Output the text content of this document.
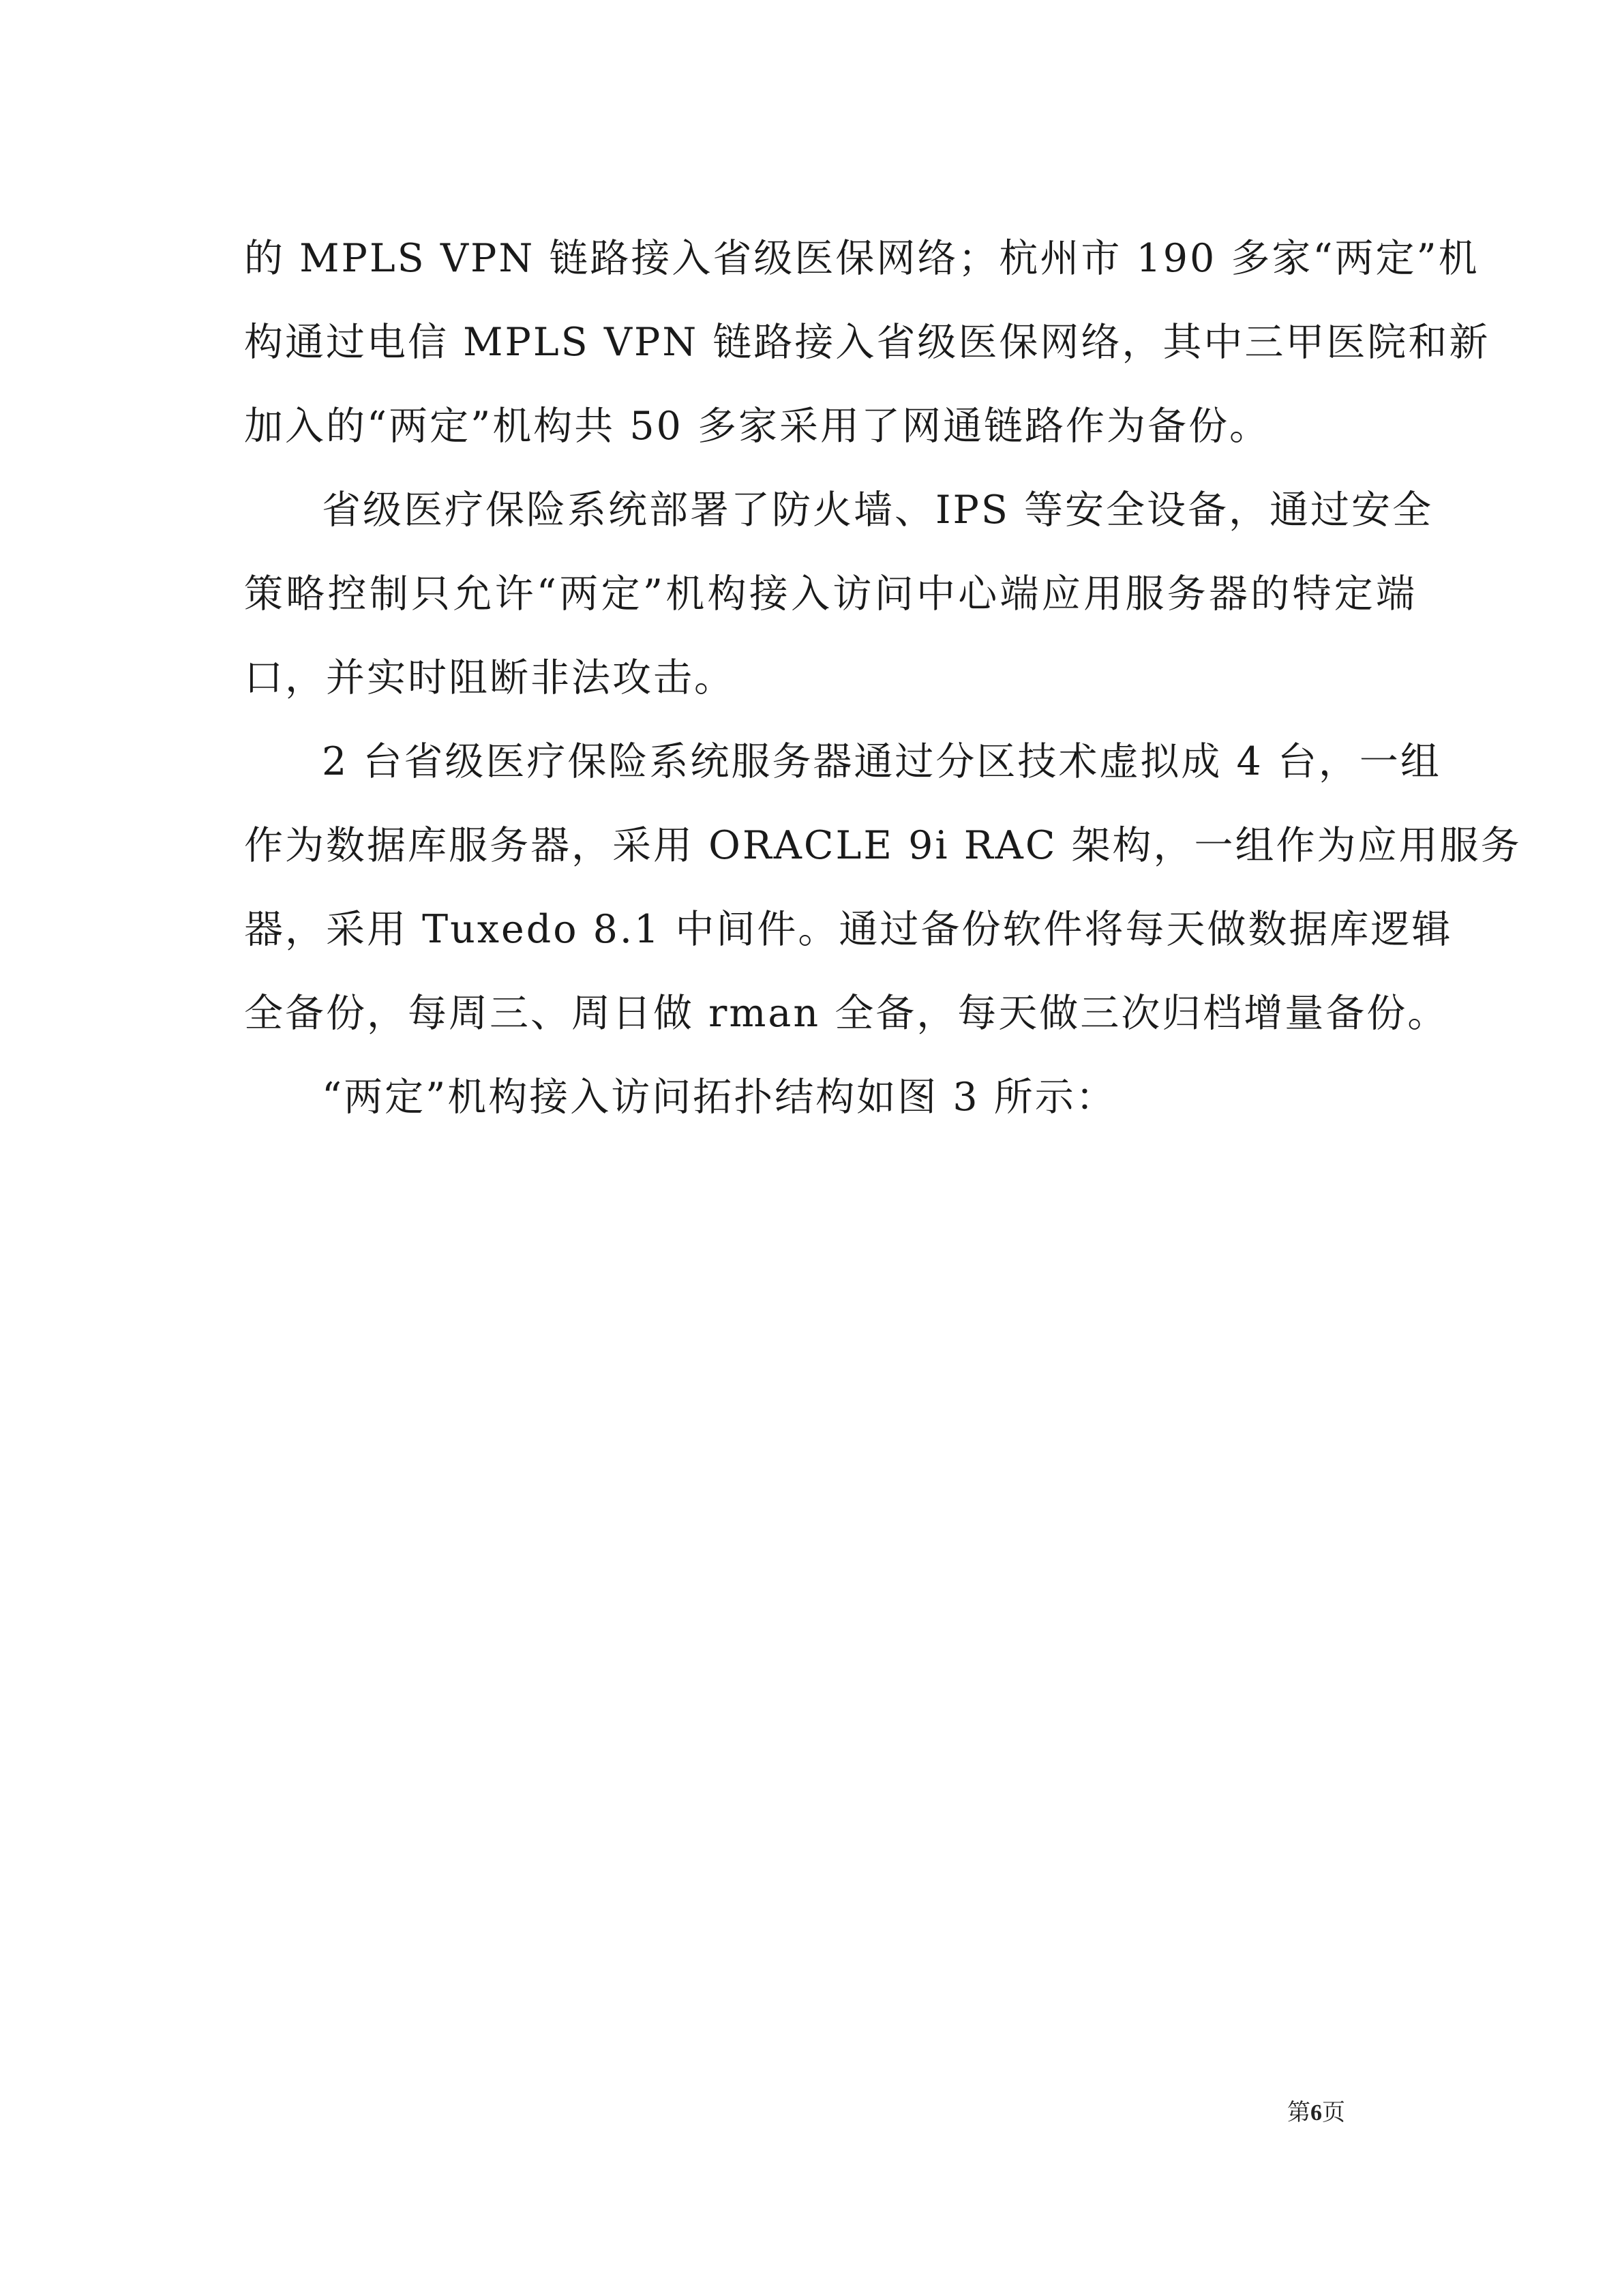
的 MPLS VPN 链路接入省级医保网络；杭州市 190 多家“两定”机
构通过电信 MPLS VPN 链路接入省级医保网络，其中三甲医院和新
加入的“两定”机构共 50 多家采用了网通链路作为备份。

省级医疗保险系统部署了防火墙、IPS 等安全设备，通过安全
策略控制只允许“两定”机构接入访问中心端应用服务器的特定端
口，并实时阻断非法攻击。

2 台省级医疗保险系统服务器通过分区技术虚拟成 4 台，一组
作为数据库服务器，采用 ORACLE 9i RAC 架构，一组作为应用服务
器，采用 Tuxedo 8.1 中间件。通过备份软件将每天做数据库逻辑
全备份，每周三、周日做 rman 全备，每天做三次归档增量备份。

“两定”机构接入访问拓扑结构如图 3 所示：

第6页
